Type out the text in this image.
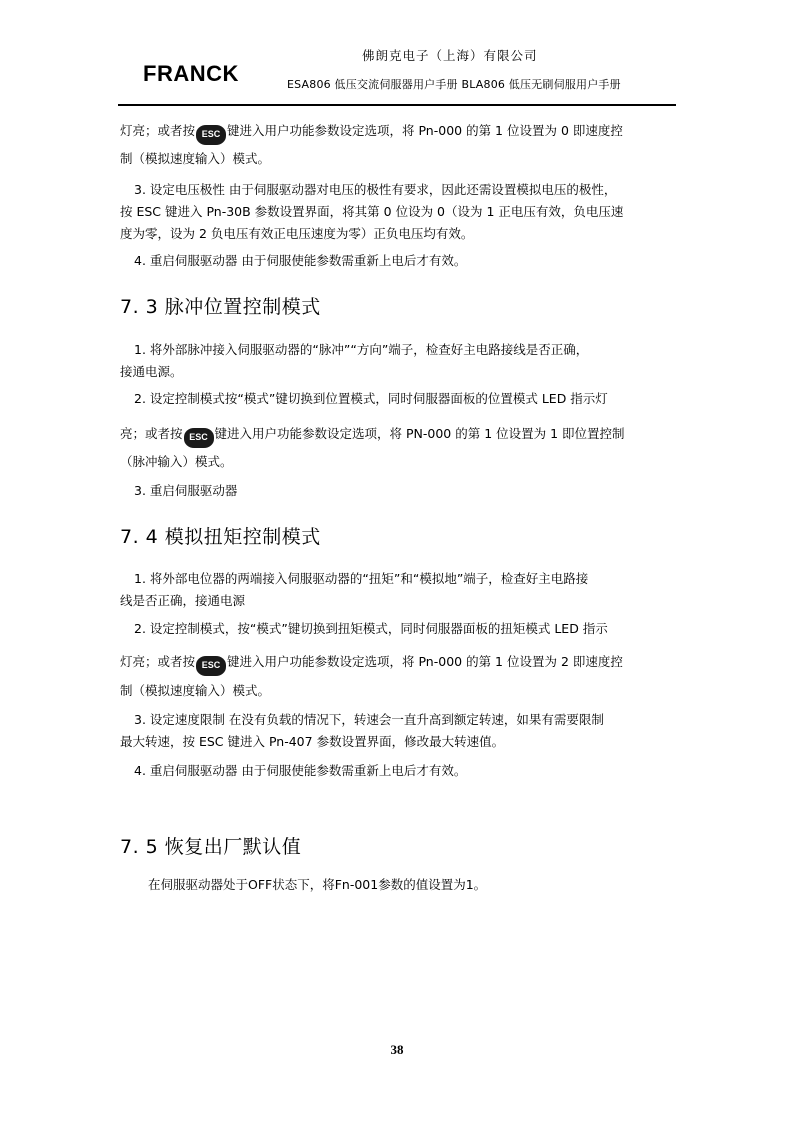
FRANCK
佛朗克电子（上海）有限公司
ESA806 低压交流伺服器用户手册 BLA806 低压无刷伺服用户手册
灯亮；或者按 ESC 键进入用户功能参数设定选项，将 Pn-000 的第 1 位设置为 0 即速度控
制（模拟速度输入）模式。
3. 设定电压极性 由于伺服驱动器对电压的极性有要求，因此还需设置模拟电压的极性，
按 ESC 键进入 Pn-30B 参数设置界面，将其第 0 位设为 0（设为 1 正电压有效，负电压速
度为零，设为 2 负电压有效正电压速度为零）正负电压均有效。
4. 重启伺服驱动器 由于伺服使能参数需重新上电后才有效。
7. 3 脉冲位置控制模式
1. 将外部脉冲接入伺服驱动器的“脉冲”“方向”端子，检查好主电路接线是否正确，
接通电源。
2. 设定控制模式按“模式”键切换到位置模式，同时伺服器面板的位置模式 LED 指示灯
亮；或者按 ESC 键进入用户功能参数设定选项，将 PN-000 的第 1 位设置为 1 即位置控制
（脉冲输入）模式。
3. 重启伺服驱动器
7. 4 模拟扭矩控制模式
1. 将外部电位器的两端接入伺服驱动器的“扭矩”和“模拟地”端子，检查好主电路接
线是否正确，接通电源
2. 设定控制模式，按“模式”键切换到扭矩模式，同时伺服器面板的扭矩模式 LED 指示
灯亮；或者按 ESC 键进入用户功能参数设定选项，将 Pn-000 的第 1 位设置为 2 即速度控
制（模拟速度输入）模式。
3. 设定速度限制 在没有负载的情况下，转速会一直升高到额定转速，如果有需要限制
最大转速，按 ESC 键进入 Pn-407 参数设置界面，修改最大转速值。
4. 重启伺服驱动器 由于伺服使能参数需重新上电后才有效。
7. 5 恢复出厂默认值
在伺服驱动器处于OFF状态下，将Fn-001参数的值设置为1。
38
